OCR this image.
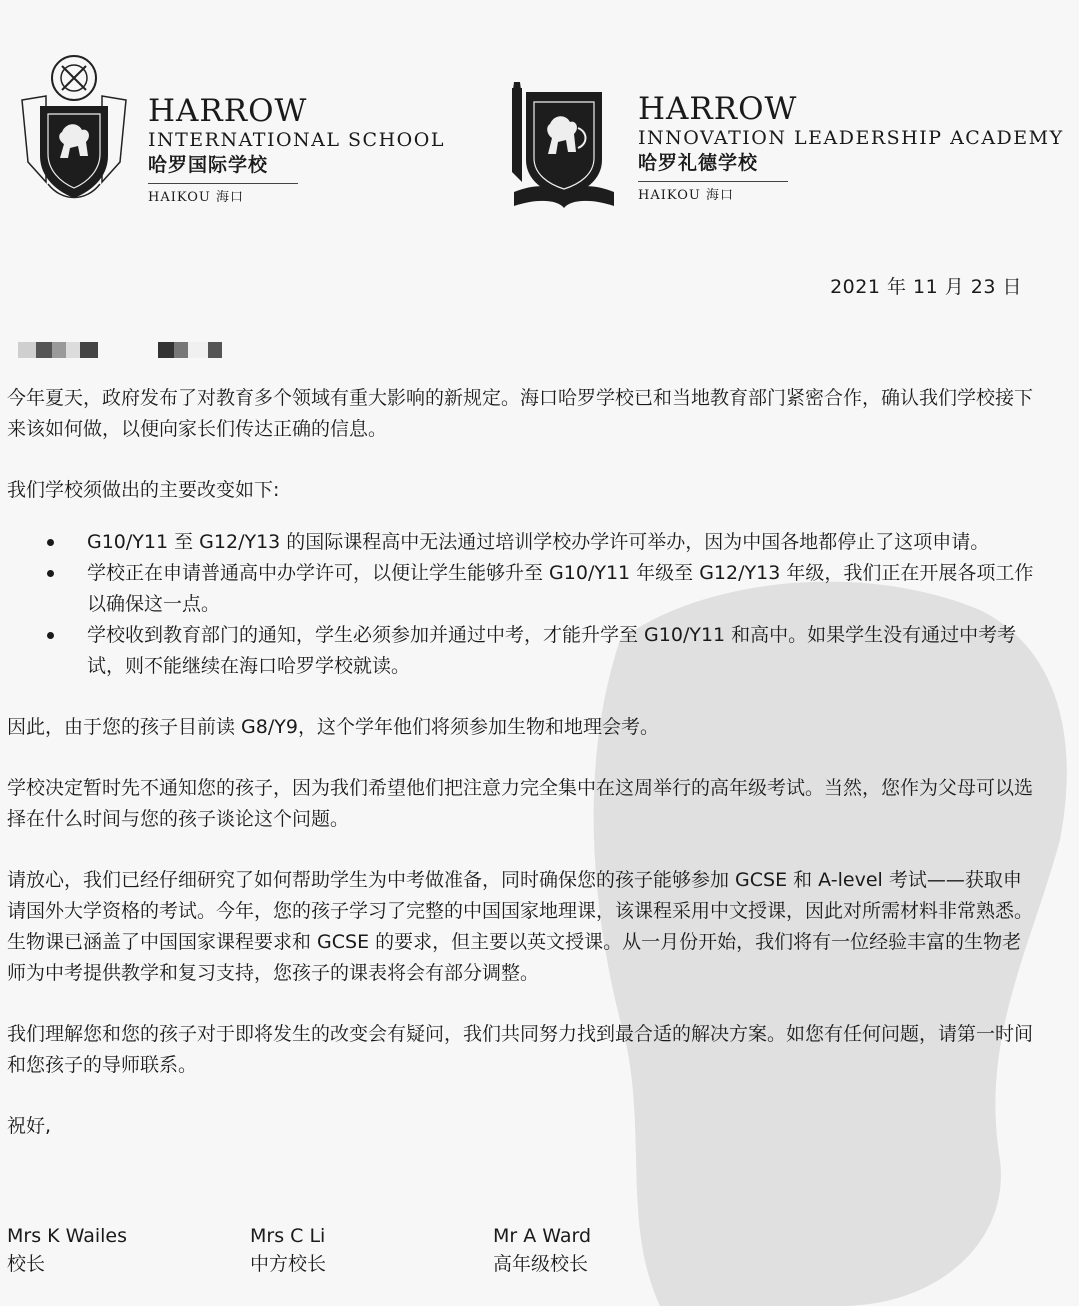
HARROW
INTERNATIONAL SCHOOL
哈罗国际学校
HAIKOU 海口
HARROW
INNOVATION LEADERSHIP ACADEMY
哈罗礼德学校
HAIKOU 海口
2021 年 11 月 23 日

今年夏天，政府发布了对教育多个领域有重大影响的新规定。海口哈罗学校已和当地教育部门紧密合作，确认我们学校接下来该如何做，以便向家长们传达正确的信息。

我们学校须做出的主要改变如下:

G10/Y11 至 G12/Y13 的国际课程高中无法通过培训学校办学许可举办，因为中国各地都停止了这项申请。
学校正在申请普通高中办学许可，以便让学生能够升至 G10/Y11 年级至 G12/Y13 年级，我们正在开展各项工作以确保这一点。
学校收到教育部门的通知，学生必须参加并通过中考，才能升学至 G10/Y11 和高中。如果学生没有通过中考考试，则不能继续在海口哈罗学校就读。

因此，由于您的孩子目前读 G8/Y9，这个学年他们将须参加生物和地理会考。

学校决定暂时先不通知您的孩子，因为我们希望他们把注意力完全集中在这周举行的高年级考试。当然，您作为父母可以选择在什么时间与您的孩子谈论这个问题。

请放心，我们已经仔细研究了如何帮助学生为中考做准备，同时确保您的孩子能够参加 GCSE 和 A-level 考试——获取申请国外大学资格的考试。今年，您的孩子学习了完整的中国国家地理课，该课程采用中文授课，因此对所需材料非常熟悉。生物课已涵盖了中国国家课程要求和 GCSE 的要求，但主要以英文授课。从一月份开始，我们将有一位经验丰富的生物老师为中考提供教学和复习支持，您孩子的课表将会有部分调整。

我们理解您和您的孩子对于即将发生的改变会有疑问，我们共同努力找到最合适的解决方案。如您有任何问题，请第一时间和您孩子的导师联系。

祝好,

Mrs K Wailes
校长
Mrs C Li
中方校长
Mr A Ward
高年级校长
